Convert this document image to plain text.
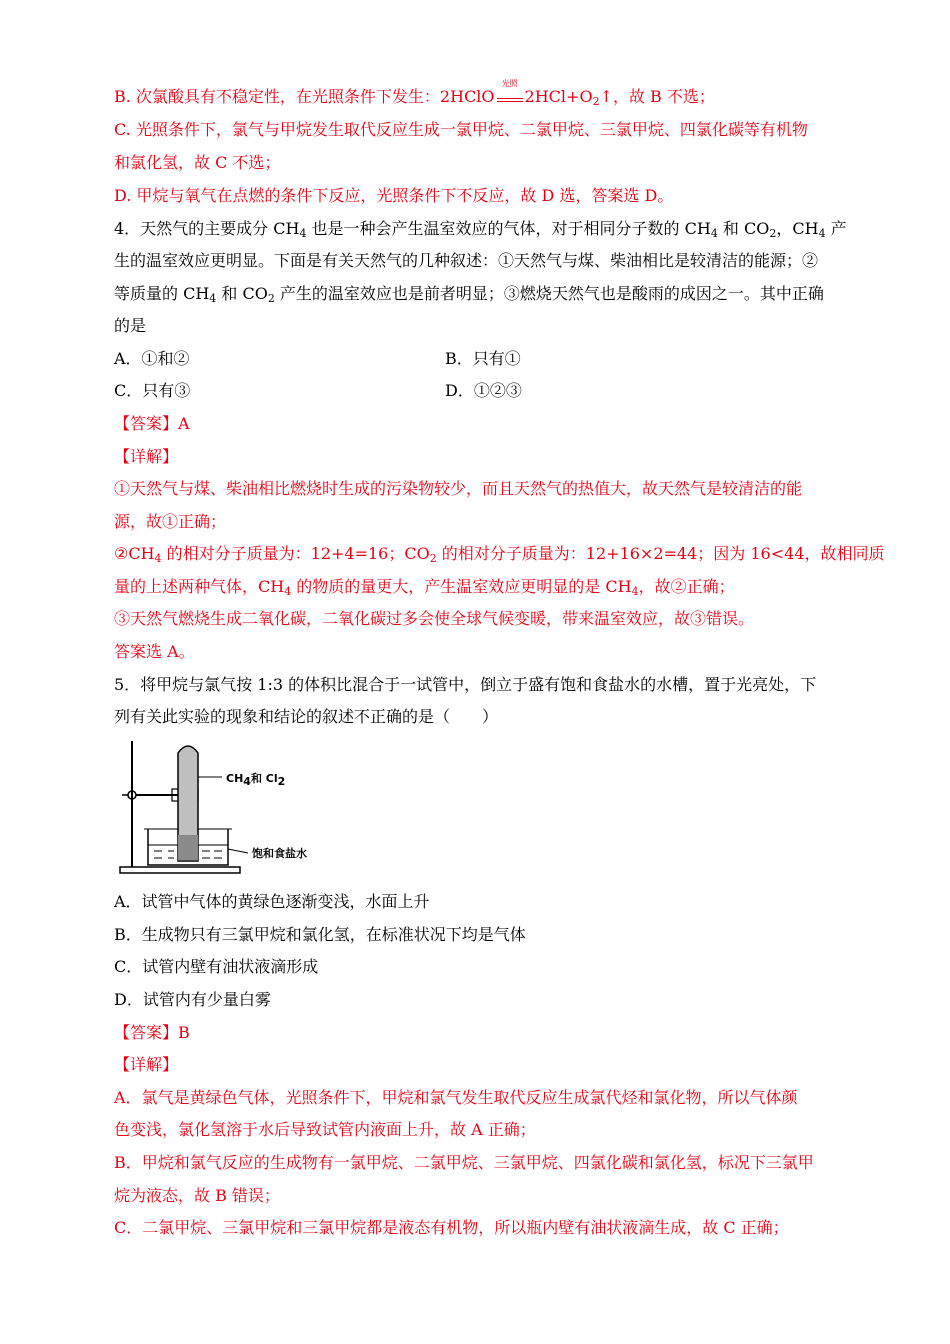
B. 次氯酸具有不稳定性，在光照条件下发生：2HClO
光照
$2HCl+O_2↑$，故 B 不选；
C. 光照条件下，氯气与甲烷发生取代反应生成一氯甲烷、二氯甲烷、三氯甲烷、四氯化碳等有机物
和氯化氢，故 C 不选；
D. 甲烷与氧气在点燃的条件下反应，光照条件下不反应，故 D 选，答案选 D。
4．天然气的主要成分 $CH_4$ 也是一种会产生温室效应的气体，对于相同分子数的 $CH_4$ 和 $CO_2$，$CH_4$ 产
生的温室效应更明显。下面是有关天然气的几种叙述：①天然气与煤、柴油相比是较清洁的能源；②
等质量的 $CH_4$ 和 $CO_2$ 产生的温室效应也是前者明显；③燃烧天然气也是酸雨的成因之一。其中正确
的是
A．①和②	B．只有①
C．只有③	D．①②③
【答案】A
【详解】
①天然气与煤、柴油相比燃烧时生成的污染物较少，而且天然气的热值大，故天然气是较清洁的能
源，故①正确；
$②CH_4$ 的相对分子质量为：12+4=16；$CO_2$ 的相对分子质量为：12+16×2=44；因为 16<44，故相同质
量的上述两种气体，$CH_4$ 的物质的量更大，产生温室效应更明显的是 $CH_4$，故②正确；
③天然气燃烧生成二氧化碳，二氧化碳过多会使全球气候变暖，带来温室效应，故③错误。
答案选 A。
5．将甲烷与氯气按 1:3 的体积比混合于一试管中，倒立于盛有饱和食盐水的水槽，置于光亮处，下
列有关此实验的现象和结论的叙述不正确的是（　　）
$CH_4$和 $Cl_2$
饱和食盐水
A．试管中气体的黄绿色逐渐变浅，水面上升
B．生成物只有三氯甲烷和氯化氢，在标准状况下均是气体
C．试管内壁有油状液滴形成
D．试管内有少量白雾
【答案】B
【详解】
A．氯气是黄绿色气体，光照条件下，甲烷和氯气发生取代反应生成氯代烃和氯化物，所以气体颜
色变浅，氯化氢溶于水后导致试管内液面上升，故 A 正确；
B．甲烷和氯气反应的生成物有一氯甲烷、二氯甲烷、三氯甲烷、四氯化碳和氯化氢，标况下三氯甲
烷为液态，故 B 错误；
C．二氯甲烷、三氯甲烷和三氯甲烷都是液态有机物，所以瓶内壁有油状液滴生成，故 C 正确；
